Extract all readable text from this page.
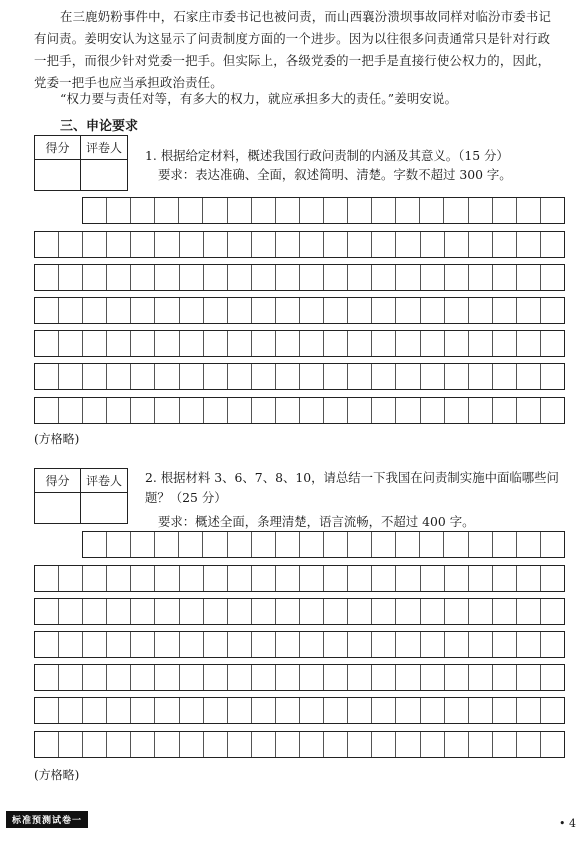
在三鹿奶粉事件中，石家庄市委书记也被问责，而山西襄汾溃坝事故同样对临汾市委书记有问责。姜明安认为这显示了问责制度方面的一个进步。因为以往很多问责通常只是针对行政一把手，而很少针对党委一把手。但实际上，各级党委的一把手是直接行使公权力的，因此，党委一把手也应当承担政治责任。
“权力要与责任对等，有多大的权力，就应承担多大的责任。”姜明安说。
三、申论要求
得分	评卷人	1. 根据给定材料，概述我国行政问责制的内涵及其意义。（15 分）
要求：表达准确、全面，叙述简明、清楚。字数不超过 300 字。
(方格略)
得分	评卷人	2. 根据材料 3、6、7、8、10，请总结一下我国在问责制实施中面临哪些问题？（25 分）
要求：概述全面，条理清楚，语言流畅，不超过 400 字。
(方格略)
标准预测试卷一	• 4
